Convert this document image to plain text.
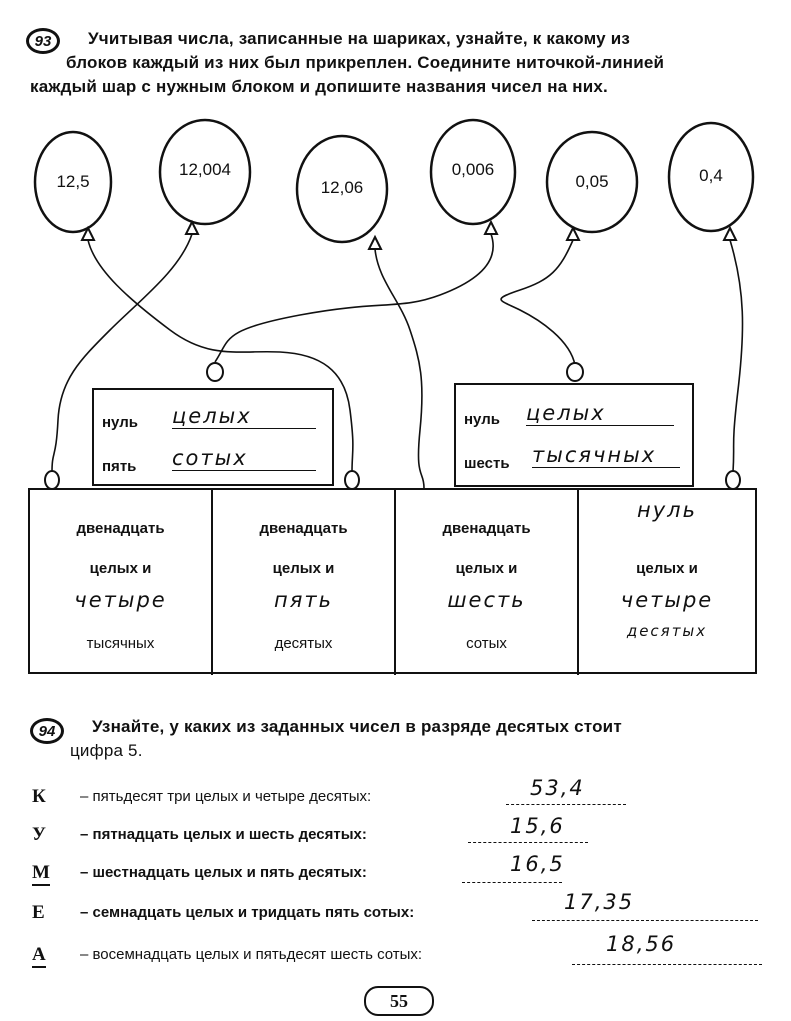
93	Учитывая числа, записанные на шариках, узнайте, к какому из
блоков каждый из них был прикреплен. Соедините ниточкой-линией
каждый шар с нужным блоком и допишите названия чисел на них.
12,5
12,004
12,06
0,006
0,05	0,4
нуль целых
пять сотых
нуль целых
шесть тысячных
двенадцать
целых и
четыре
тысячных
двенадцать
целых и
пять
десятых
двенадцать
целых и
шесть
сотых
нуль
целых и
четыре
десятых
94	Узнайте, у каких из заданных чисел в разряде десятых стоит
цифра 5.
К – пятьдесят три целых и четыре десятых:	53,4
У – пятнадцать целых и шесть десятых:	15,6
М – шестнадцать целых и пять десятых:	16,5
Е – семнадцать целых и тридцать пять сотых:	17,35
А – восемнадцать целых и пятьдесят шесть сотых:	18,56
55
